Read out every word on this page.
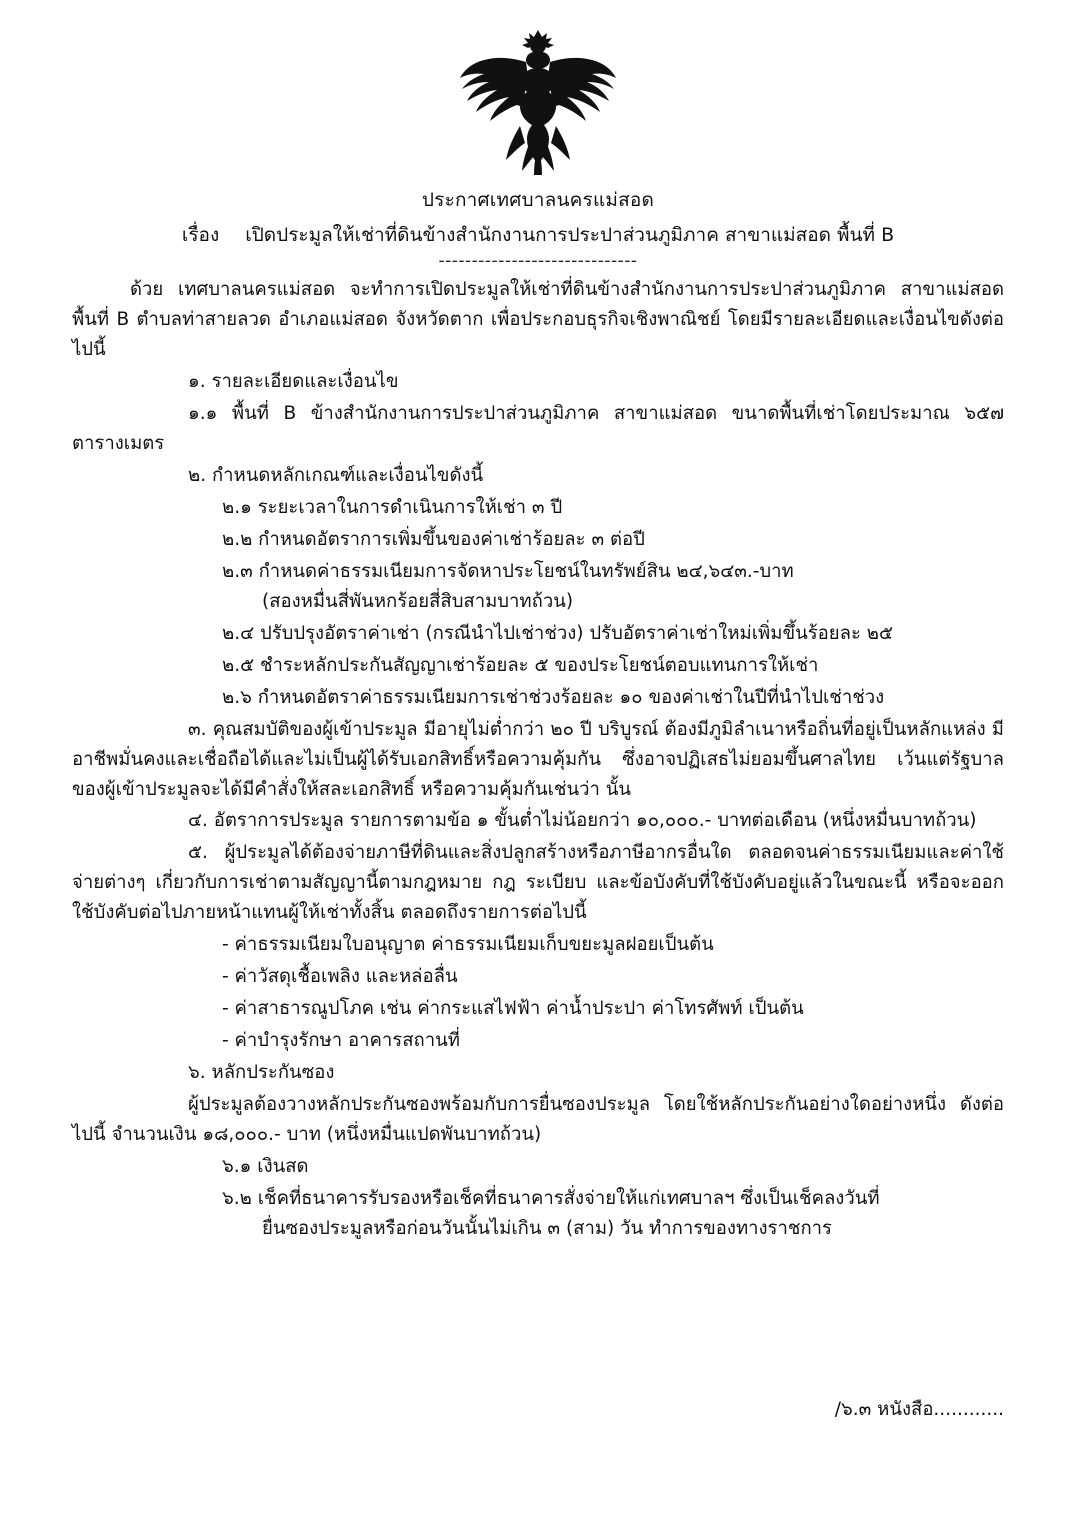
ประกาศเทศบาลนครแม่สอด
เรื่อง เปิดประมูลให้เช่าที่ดินข้างสำนักงานการประปาส่วนภูมิภาค สาขาแม่สอด พื้นที่ B
------------------------------

ด้วย เทศบาลนครแม่สอด จะทำการเปิดประมูลให้เช่าที่ดินข้างสำนักงานการประปาส่วนภูมิภาค สาขาแม่สอด พื้นที่ B ตำบลท่าสายลวด อำเภอแม่สอด จังหวัดตาก เพื่อประกอบธุรกิจเชิงพาณิชย์ โดยมีรายละเอียดและเงื่อนไขดังต่อไปนี้

๑. รายละเอียดและเงื่อนไข

๑.๑ พื้นที่ B ข้างสำนักงานการประปาส่วนภูมิภาค สาขาแม่สอด ขนาดพื้นที่เช่าโดยประมาณ ๖๕๗ ตารางเมตร

๒. กำหนดหลักเกณฑ์และเงื่อนไขดังนี้

๒.๑ ระยะเวลาในการดำเนินการให้เช่า ๓ ปี

๒.๒ กำหนดอัตราการเพิ่มขึ้นของค่าเช่าร้อยละ ๓ ต่อปี

๒.๓ กำหนดค่าธรรมเนียมการจัดหาประโยชน์ในทรัพย์สิน ๒๔,๖๔๓.-บาท

(สองหมื่นสี่พันหกร้อยสี่สิบสามบาทถ้วน)

๒.๔ ปรับปรุงอัตราค่าเช่า (กรณีนำไปเช่าช่วง) ปรับอัตราค่าเช่าใหม่เพิ่มขึ้นร้อยละ ๒๕

๒.๕ ชำระหลักประกันสัญญาเช่าร้อยละ ๕ ของประโยชน์ตอบแทนการให้เช่า

๒.๖ กำหนดอัตราค่าธรรมเนียมการเช่าช่วงร้อยละ ๑๐ ของค่าเช่าในปีที่นำไปเช่าช่วง

๓. คุณสมบัติของผู้เข้าประมูล มีอายุไม่ต่ำกว่า ๒๐ ปี บริบูรณ์ ต้องมีภูมิลำเนาหรือถิ่นที่อยู่เป็นหลักแหล่ง มีอาชีพมั่นคงและเชื่อถือได้และไม่เป็นผู้ได้รับเอกสิทธิ์หรือความคุ้มกัน ซึ่งอาจปฏิเสธไม่ยอมขึ้นศาลไทย เว้นแต่รัฐบาลของผู้เข้าประมูลจะได้มีคำสั่งให้สละเอกสิทธิ์ หรือความคุ้มกันเช่นว่า นั้น

๔. อัตราการประมูล รายการตามข้อ ๑ ขั้นต่ำไม่น้อยกว่า ๑๐,๐๐๐.- บาทต่อเดือน (หนึ่งหมื่นบาทถ้วน)

๕. ผู้ประมูลได้ต้องจ่ายภาษีที่ดินและสิ่งปลูกสร้างหรือภาษีอากรอื่นใด ตลอดจนค่าธรรมเนียมและค่าใช้จ่ายต่างๆ เกี่ยวกับการเช่าตามสัญญานี้ตามกฎหมาย กฎ ระเบียบ และข้อบังคับที่ใช้บังคับอยู่แล้วในขณะนี้ หรือจะออกใช้บังคับต่อไปภายหน้าแทนผู้ให้เช่าทั้งสิ้น ตลอดถึงรายการต่อไปนี้

- ค่าธรรมเนียมใบอนุญาต ค่าธรรมเนียมเก็บขยะมูลฝอยเป็นต้น

- ค่าวัสดุเชื้อเพลิง และหล่อลื่น

- ค่าสาธารณูปโภค เช่น ค่ากระแสไฟฟ้า ค่าน้ำประปา ค่าโทรศัพท์ เป็นต้น

- ค่าบำรุงรักษา อาคารสถานที่

๖. หลักประกันซอง

ผู้ประมูลต้องวางหลักประกันซองพร้อมกับการยื่นซองประมูล โดยใช้หลักประกันอย่างใดอย่างหนึ่ง ดังต่อไปนี้ จำนวนเงิน ๑๘,๐๐๐.- บาท (หนึ่งหมื่นแปดพันบาทถ้วน)

๖.๑ เงินสด

๖.๒ เช็คที่ธนาคารรับรองหรือเช็คที่ธนาคารสั่งจ่ายให้แก่เทศบาลฯ ซึ่งเป็นเช็คลงวันที่

ยื่นซองประมูลหรือก่อนวันนั้นไม่เกิน ๓ (สาม) วัน ทำการของทางราชการ

/๖.๓ หนังสือ............
